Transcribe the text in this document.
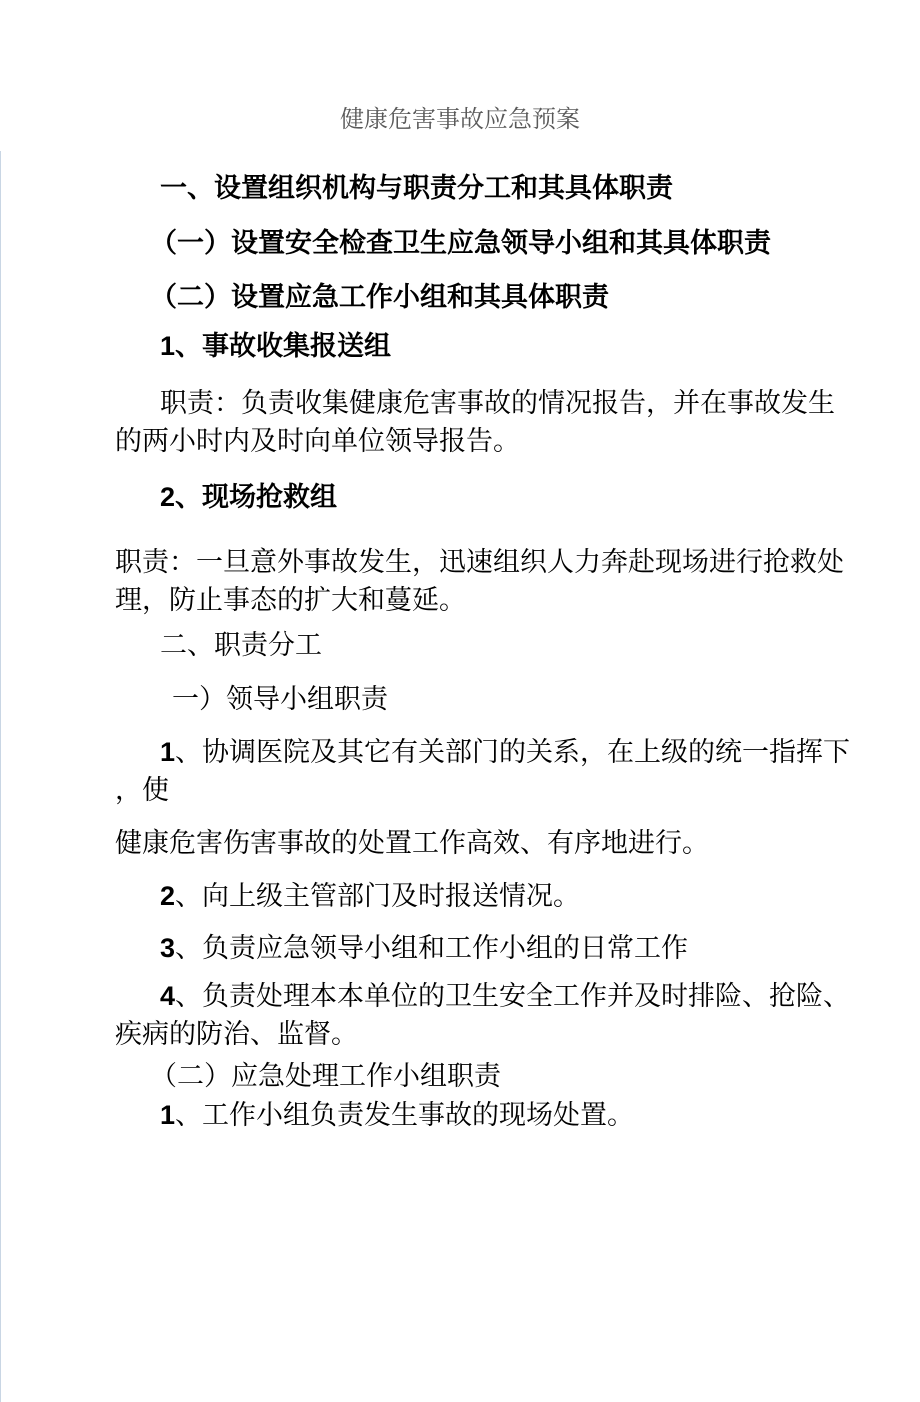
健康危害事故应急预案

一、设置组织机构与职责分工和其具体职责

（一）设置安全检查卫生应急领导小组和其具体职责

（二）设置应急工作小组和其具体职责

1、事故收集报送组

职责：负责收集健康危害事故的情况报告，并在事故发生

的两小时内及时向单位领导报告。

2、现场抢救组

职责：一旦意外事故发生，迅速组织人力奔赴现场进行抢救处

理，防止事态的扩大和蔓延。

二、职责分工

一）领导小组职责

1、协调医院及其它有关部门的关系，在上级的统一指挥下

，使

健康危害伤害事故的处置工作高效、有序地进行。

2、向上级主管部门及时报送情况。

3、负责应急领导小组和工作小组的日常工作

4、负责处理本本单位的卫生安全工作并及时排险、抢险、

疾病的防治、监督。

（二）应急处理工作小组职责

1、工作小组负责发生事故的现场处置。
